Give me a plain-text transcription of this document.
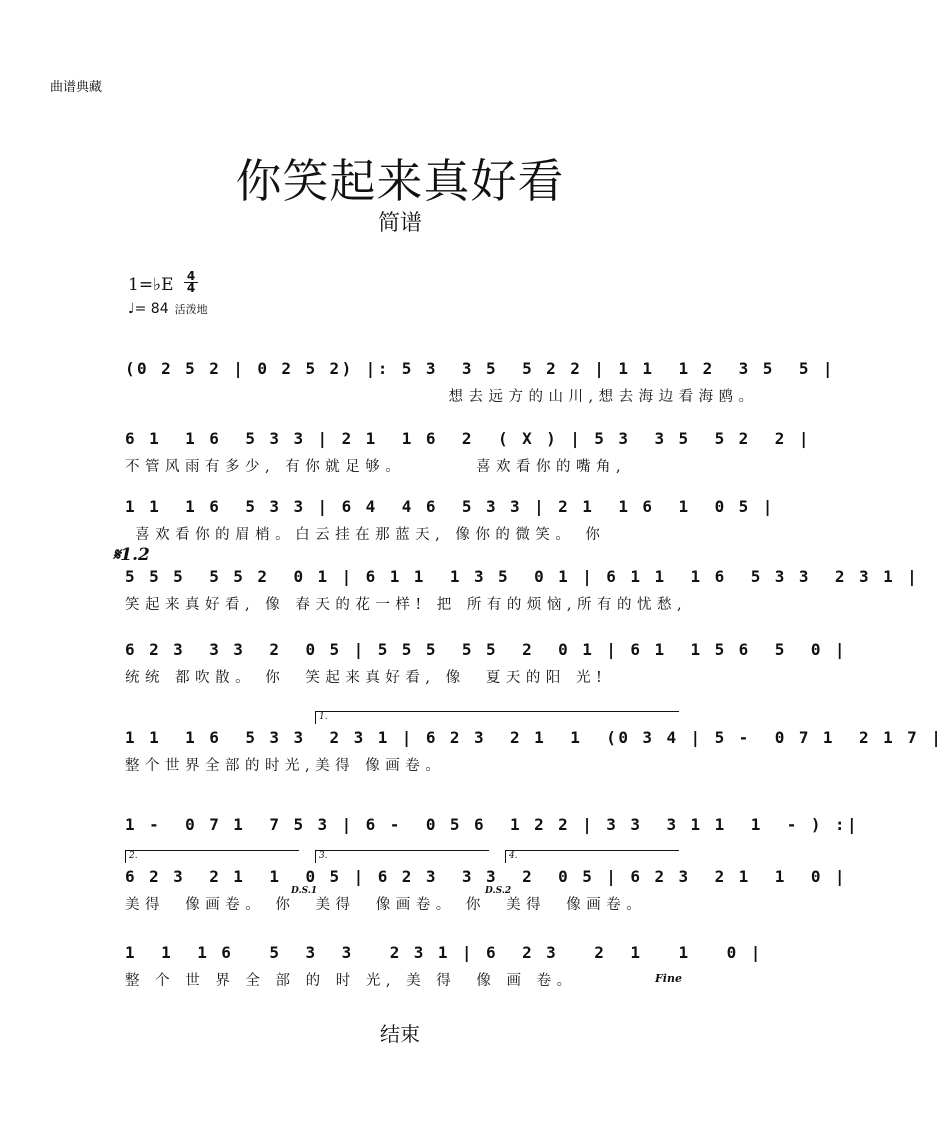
曲谱典藏
你笑起来真好看
简谱
1=♭E 4
4
♩= 84 活泼地
(0 2 5 2 | 0 2 5 2) |: 5 3  3 5  5 2 2 | 1 1  1 2  3 5  5 |
想去远方的山川,想去海边看海鸥。
6 1  1 6  5 3 3 | 2 1  1 6  2  ( X ) | 5 3  3 5  5 2  2 |
不管风雨有多少, 有你就足够。       喜欢看你的嘴角,
1 1  1 6  5 3 3 | 6 4  4 6  5 3 3 | 2 1  1 6  1  0 5 |
喜欢看你的眉梢。白云挂在那蓝天, 像你的微笑。 你
𝄋1.2
5 5 5  5 5 2  0 1 | 6 1 1  1 3 5  0 1 | 6 1 1  1 6  5 3 3  2 3 1 |
笑起来真好看, 像 春天的花一样! 把 所有的烦恼,所有的忧愁,
6 2 3  3 3  2  0 5 | 5 5 5  5 5  2  0 1 | 6 1  1 5 6  5  0 |
统统 都吹散。 你  笑起来真好看, 像  夏天的阳 光!
1.
1 1  1 6  5 3 3  2 3 1 | 6 2 3  2 1  1  (0 3 4 | 5 -  0 7 1  2 1 7 |
整个世界全部的时光,美得 像画卷。
1 -  0 7 1  7 5 3 | 6 -  0 5 6  1 2 2 | 3 3  3 1 1  1  - ) :|
2.	3.	4.
6 2 3  2 1  1  0 5 | 6 2 3  3 3  2  0 5 | 6 2 3  2 1  1  0 |
D.S.1	D.S.2
美得  像画卷。 你  美得  像画卷。 你  美得  像画卷。
1  1  1 6   5  3  3   2 3 1 | 6  2 3   2  1   1   0 |
整 个 世 界 全 部 的 时 光, 美 得  像 画 卷。	Fine
结束
